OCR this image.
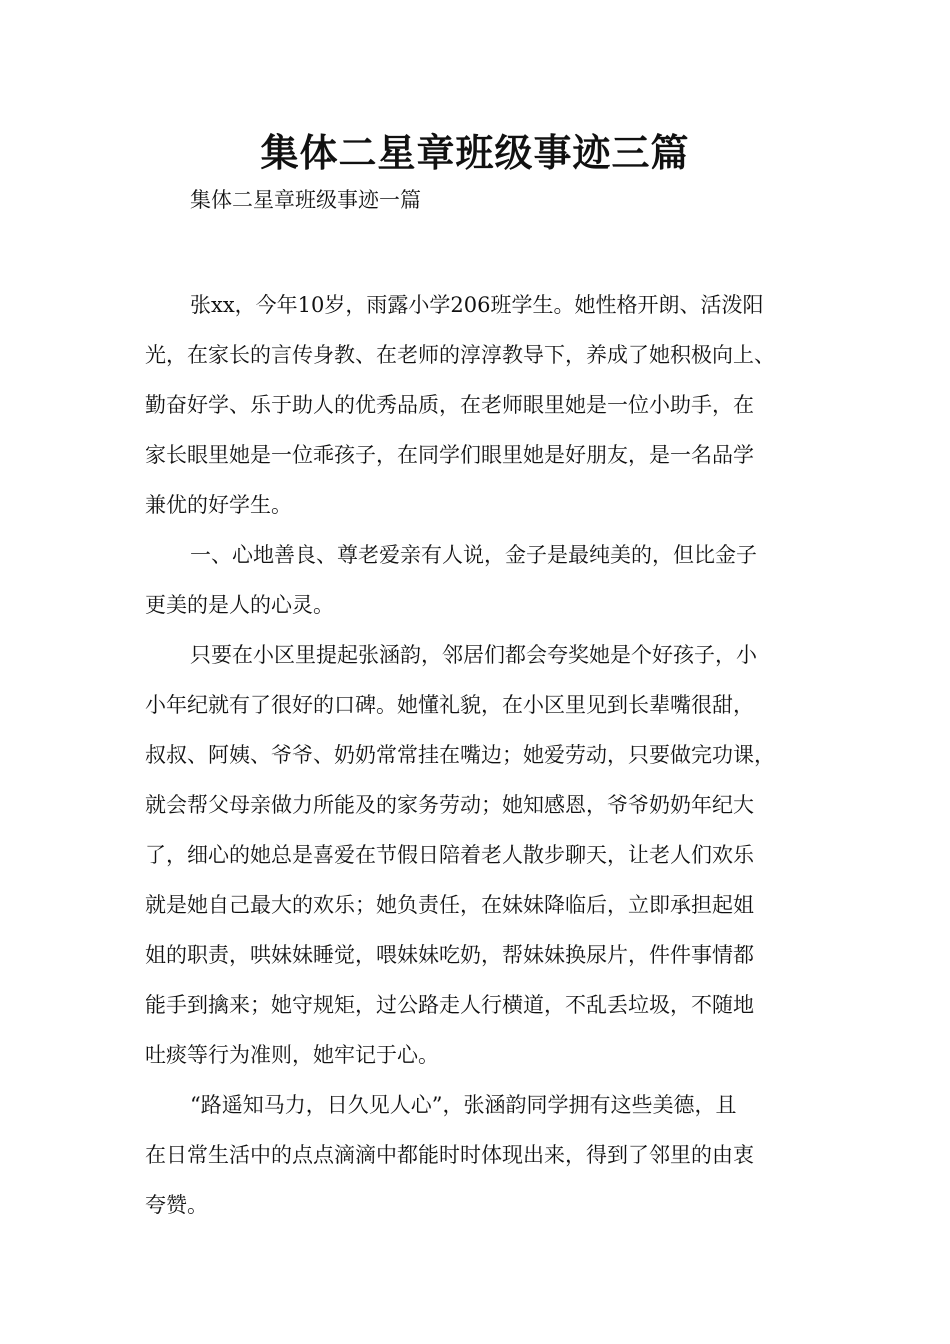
集体二星章班级事迹三篇

集体二星章班级事迹一篇

张xx，今年10岁，雨露小学206班学生。她性格开朗、活泼阳
光，在家长的言传身教、在老师的淳淳教导下，养成了她积极向上、
勤奋好学、乐于助人的优秀品质，在老师眼里她是一位小助手，在
家长眼里她是一位乖孩子，在同学们眼里她是好朋友，是一名品学
兼优的好学生。
一、心地善良、尊老爱亲有人说，金子是最纯美的，但比金子
更美的是人的心灵。
只要在小区里提起张涵韵，邻居们都会夸奖她是个好孩子，小
小年纪就有了很好的口碑。她懂礼貌，在小区里见到长辈嘴很甜，
叔叔、阿姨、爷爷、奶奶常常挂在嘴边；她爱劳动，只要做完功课，
就会帮父母亲做力所能及的家务劳动；她知感恩，爷爷奶奶年纪大
了，细心的她总是喜爱在节假日陪着老人散步聊天，让老人们欢乐
就是她自己最大的欢乐；她负责任，在妹妹降临后，立即承担起姐
姐的职责，哄妹妹睡觉，喂妹妹吃奶，帮妹妹换尿片，件件事情都
能手到擒来；她守规矩，过公路走人行横道，不乱丢垃圾，不随地
吐痰等行为准则，她牢记于心。
“路遥知马力，日久见人心”，张涵韵同学拥有这些美德，且
在日常生活中的点点滴滴中都能时时体现出来，得到了邻里的由衷
夸赞。
